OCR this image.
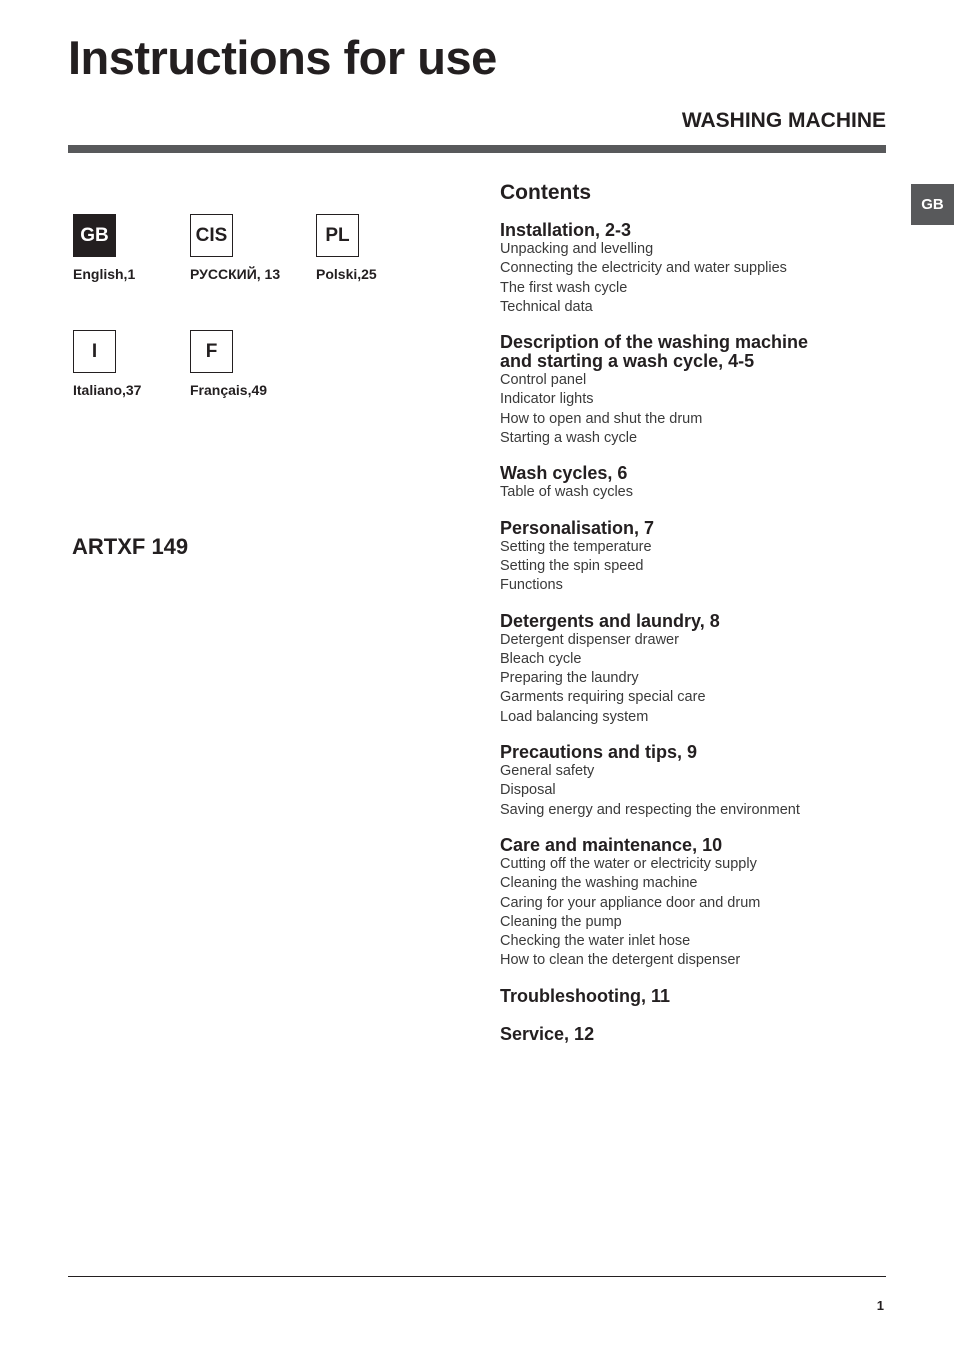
Instructions for use
WASHING MACHINE
GB
GB
English,1
CIS
РУССКИЙ, 13
PL
Polski,25
I
Italiano,37
F
Français,49
ARTXF 149
Contents
Installation, 2-3
Unpacking and levelling
Connecting the electricity and water supplies
The first wash cycle
Technical data
Description of the washing machine
and starting a wash cycle, 4-5
Control panel
Indicator lights
How to open and shut the drum
Starting a wash cycle
Wash cycles, 6
Table of wash cycles
Personalisation, 7
Setting the temperature
Setting the spin speed
Functions
Detergents and laundry, 8
Detergent dispenser drawer
Bleach cycle
Preparing the laundry
Garments requiring special care
Load balancing system
Precautions and tips, 9
General safety
Disposal
Saving energy and respecting the environment
Care and maintenance, 10
Cutting off the water or electricity supply
Cleaning the washing machine
Caring for your appliance door and drum
Cleaning the pump
Checking the water inlet hose
How to clean the detergent dispenser
Troubleshooting, 11
Service, 12
1
